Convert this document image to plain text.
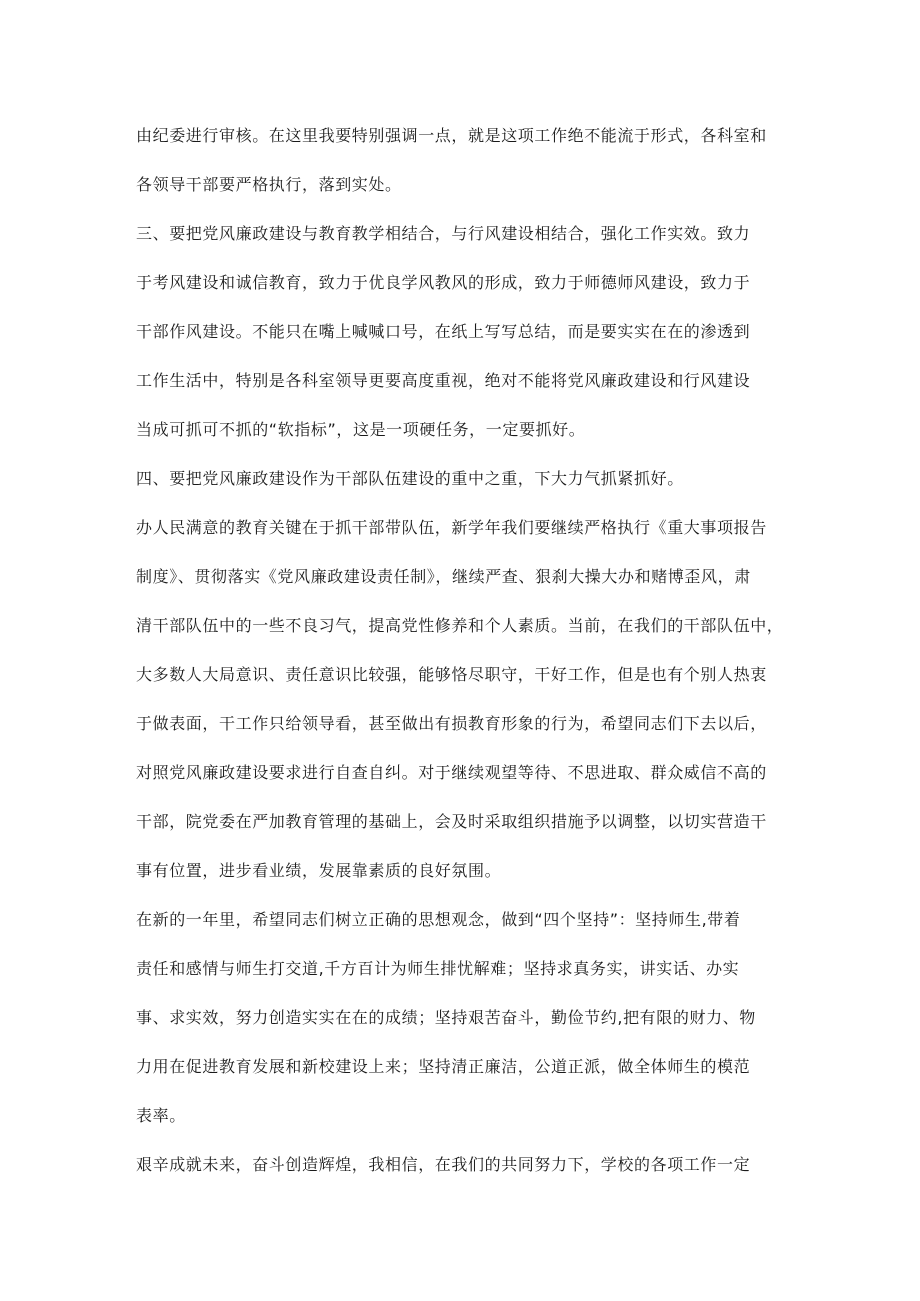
由纪委进行审核。在这里我要特别强调一点，就是这项工作绝不能流于形式，各科室和
各领导干部要严格执行，落到实处。
三、要把党风廉政建设与教育教学相结合，与行风建设相结合，强化工作实效。致力
于考风建设和诚信教育，致力于优良学风教风的形成，致力于师德师风建设，致力于
干部作风建设。不能只在嘴上喊喊口号，在纸上写写总结，而是要实实在在的渗透到
工作生活中，特别是各科室领导更要高度重视，绝对不能将党风廉政建设和行风建设
当成可抓可不抓的“软指标”，这是一项硬任务，一定要抓好。
四、要把党风廉政建设作为干部队伍建设的重中之重，下大力气抓紧抓好。
办人民满意的教育关键在于抓干部带队伍，新学年我们要继续严格执行《重大事项报告
制度》、贯彻落实《党风廉政建设责任制》，继续严查、狠刹大操大办和赌博歪风，肃
清干部队伍中的一些不良习气，提高党性修养和个人素质。当前，在我们的干部队伍中，
大多数人大局意识、责任意识比较强，能够恪尽职守，干好工作，但是也有个别人热衷
于做表面，干工作只给领导看，甚至做出有损教育形象的行为，希望同志们下去以后，
对照党风廉政建设要求进行自查自纠。对于继续观望等待、不思进取、群众威信不高的
干部，院党委在严加教育管理的基础上，会及时采取组织措施予以调整，以切实营造干
事有位置，进步看业绩，发展靠素质的良好氛围。
在新的一年里，希望同志们树立正确的思想观念，做到“四个坚持”：坚持师生,带着
责任和感情与师生打交道,千方百计为师生排忧解难；坚持求真务实，讲实话、办实
事、求实效，努力创造实实在在的成绩；坚持艰苦奋斗，勤俭节约,把有限的财力、物
力用在促进教育发展和新校建设上来；坚持清正廉洁，公道正派，做全体师生的模范
表率。
艰辛成就未来，奋斗创造辉煌，我相信，在我们的共同努力下，学校的各项工作一定
